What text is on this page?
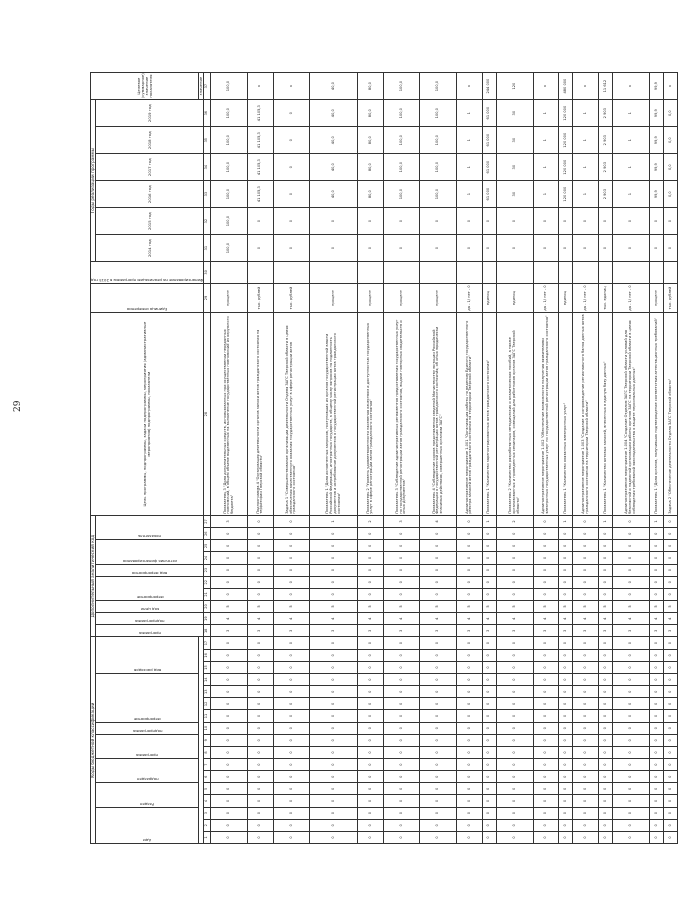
29
Коды бюджетной классификации																	Дополнительный аналитический код										Цель программы, подпрограммы, задачи подпрограммы, мероприятия (административные мероприятия) подпрограммы, показатели	Единица измерения	Финансирование на реализацию программы в 2015 год	Годы реализации программы						Целевое (суммарное) значение показателя

Адм			Раздел		подраздел		программа		подпрограмма	мероприятие				вид расходов			программа	подпрограмма	код цели	мероприятие		вид мероприятия	источник финансирования		показатель					2014 год	2015 год	2016 год	2017 год	2018 год	2019 год	
																																				значение
1	2	3	4	5	6	7	8	9	10	11	12	13	14	15	16	17	18	19	20	21	22	23	24	25	26	27	28	29	30	31	32	33	34	35	36	37
0	0	0	0	0	0	0	0	0	0	0	0	0	0	0	0	0	3	4	5	0	0	0	0	0	0	3	Показатель 3 "Доля дополнительных средств, использованных при осуществлении переданных полномочий, в общем объеме выделенных на выполнение государственных полномочий из окружного бюджета"	процент		100,0	100,0	100,0	100,0	100,0	100,0	100,0
0	0	0	0	0	0	0	0	0	0	0	0	0	0	0	0	0	3	4	5	0	0	0	0	0	0	0	Подпрограмма 4 "Организация деятельности органов записи актов гражданского состояния на территории Тверской области"	тыс. рублей		0	0	41 105,3	41 105,3	41 105,3	41 105,3	x
0	0	0	0	0	0	0	0	0	0	0	0	0	0	0	0	0	3	4	5	0	0	0	0	0	0	0	Задача 1 "Совершенствование организации деятельности Отдела ЗАГС Тверской области в целях обеспечения качественного оказания государственных услуг в сфере регистрации актов гражданского состояния"	тыс. рублей		0	0	0	0	0	0	x
0	0	0	0	0	0	0	0	0	0	0	0	0	0	0	0	0	3	4	5	0	0	0	0	0	0	1	Показатель 1 "Доля исполненных запросов, поступивших из органов государственной власти Российской Федерации, иностранных государств, к общему числу запросов на подлинность документов и истребование документов о государственной регистрации актов гражданского состояния"	процент		0	0	40,0	40,0	40,0	40,0	40,0
0	0	0	0	0	0	0	0	0	0	0	0	0	0	0	0	0	3	4	5	0	0	0	0	0	0	2	Показатель 2 "Уровень удовлетворенности населения качеством и доступностью государственных услуг в сфере регистрации актов гражданского состояния"	процент		0	0	80,0	80,0	80,0	80,0	80,0
0	0	0	0	0	0	0	0	0	0	0	0	0	0	0	0	0	3	4	5	0	0	0	0	0	0	3	Показатель 3 "Соблюдение административных регламентов предоставления государственных услуг по государственной регистрации актов гражданского состояния, выдаче повторных свидетельств и иных документов"	процент		0	0	100,0	100,0	100,0	100,0	100,0
0	0	0	0	0	0	0	0	0	0	0	0	0	0	0	0	0	3	4	5	0	0	0	0	0	0	4	Показатель 4 "Соблюдение сроков представления сведений Министерству юстиции Российской Федерации о государственной регистрации актов гражданского состояния, об иных юридически значимых действиях, совершенных органами ЗАГС"	процент		0	0	100,0	100,0	100,0	100,0	100,0
0	0	0	0	0	0	0	0	0	0	0	0	0	0	0	0	0	3	4	5	0	0	0	0	0	0	0	Административное мероприятие 1.001 "Организация работы по ведению Единого государственного реестра записей актов гражданского состояния на территории Тверской области"	да - 1/ нет - 0		0	0	1	1	1	1	x
0	0	0	0	0	0	0	0	0	0	0	0	0	0	0	0	0	3	4	5	0	0	0	0	0	0	1	Показатель 1 "Количество зарегистрированных актов гражданского состояния"	единиц		0	0	61 000	61 000	61 000	61 000	244 000
0	0	0	0	0	0	0	0	0	0	0	0	0	0	0	0	0	3	4	5	0	0	0	0	0	0	2	Показатель 2 "Количество разработанных методических и аналитических пособий, а также организованных и проведенных семинаров, совещаний для работников органов ЗАГС Тверской области"	единиц		0	0	30	30	30	30	120
0	0	0	0	0	0	0	0	0	0	0	0	0	0	0	0	0	3	4	5	0	0	0	0	0	0	0	Административное мероприятие 1.002 "Обеспечение возможности получения заявителями электронных государственных услуг по государственной регистрации актов гражданского состояния"	да - 1/ нет - 0		0	0	1	1	1	1	x
0	0	0	0	0	0	0	0	0	0	0	0	0	0	0	0	0	3	4	5	0	0	0	0	0	0	1	Показатель 1 "Количество оказанных электронных услуг"	единиц		0	0	120 000	120 000	120 000	120 000	480 000
0	0	0	0	0	0	0	0	0	0	0	0	0	0	0	0	0	3	4	5	0	0	0	0	0	0	0	Административное мероприятие 1.003 "Создание и сопровождение регионального банка данных актов гражданского состояния на территории Тверской области"	да - 1/ нет - 0		0	0	1	1	1	1	x
0	0	0	0	0	0	0	0	0	0	0	0	0	0	0	0	0	3	4	5	0	0	0	0	0	0	1	Показатель 1 "Количество актовых записей, внесенных в единую базу данных"	тыс. единиц		0	0	2 903	2 903	2 903	2 903	11 612
0	0	0	0	0	0	0	0	0	0	0	0	0	0	0	0	0	3	4	5	0	0	0	0	0	0	0	Административное мероприятие 1.004 "Создание Отделом ЗАГС Тверской области условий для безопасной и надежной организации работы органов ЗАГС на территории Тверской области в целях соблюдения требований законодательства о защите персональных данных"	да - 1/ нет - 0		0	0	1	1	1	1	x
0	0	0	0	0	0	0	0	0	0	0	0	0	0	0	0	0	3	4	5	0	0	0	0	0	0	1	Показатель 1 "Доля органов, получивших подтверждение соответствия аттестационных требований"	процент		0	0	99,9	99,9	99,9	99,9	99,9
0	0	0	0	0	0	0	0	0	0	0	0	0	0	0	0	0	3	4	5	0	0	0	0	0	0	0	Задача 2 "Обеспечение деятельности Отдела ЗАГС Тверской области"	тыс. рублей		0	0	0,0	0,0	0,0	0,0	x
